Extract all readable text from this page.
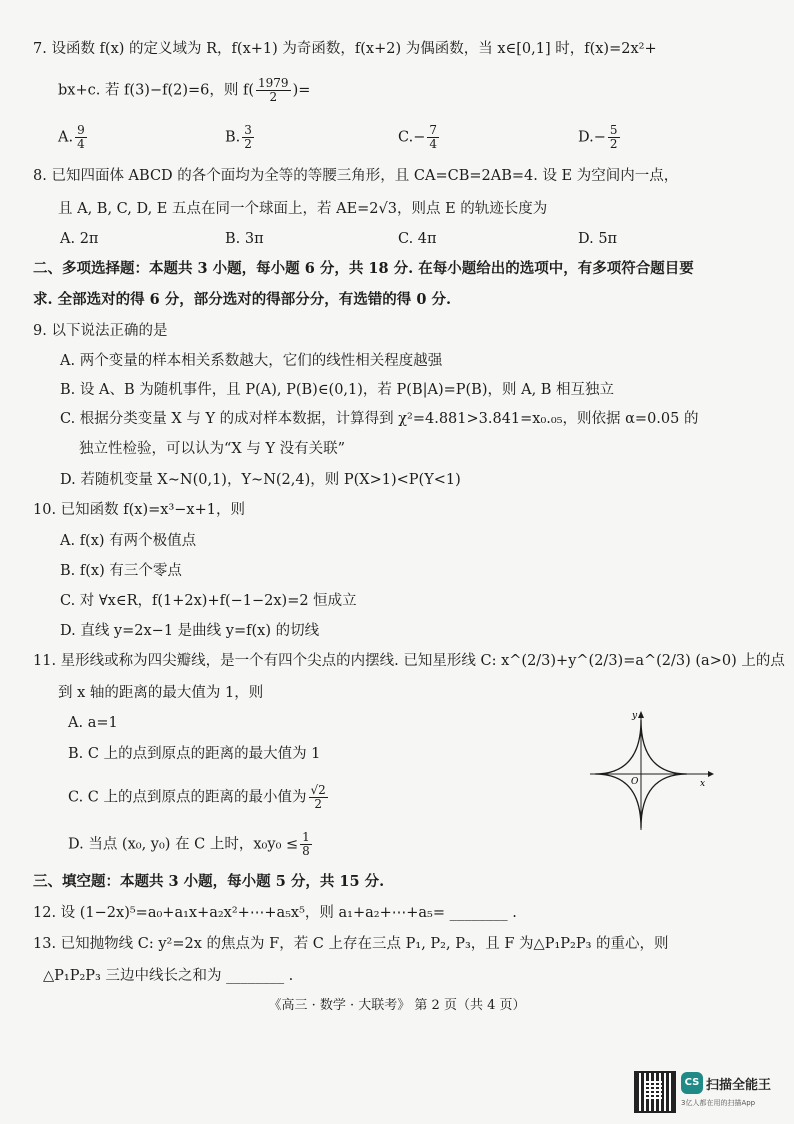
7. 设函数 f(x) 的定义域为 R，f(x+1) 为奇函数，f(x+2) 为偶函数，当 x∈[0,1] 时，f(x)=2x²+
bx+c. 若 f(3)−f(2)=6，则 $f( \frac{1979}{2}$ )=
A. $\frac{9}{4}$	B. $\frac{3}{2}$	$C.- \frac{7}{4}$	$D.- \frac{5}{2}$
8. 已知四面体 ABCD 的各个面均为全等的等腰三角形，且 CA=CB=2AB=4. 设 E 为空间内一点，
且 A, B, C, D, E 五点在同一个球面上，若 AE=2√3，则点 E 的轨迹长度为
A. 2π	B. 3π	C. 4π	D. 5π
二、多项选择题：本题共 3 小题，每小题 6 分，共 18 分. 在每小题给出的选项中，有多项符合题目要
求. 全部选对的得 6 分，部分选对的得部分分，有选错的得 0 分.
9. 以下说法正确的是
A. 两个变量的样本相关系数越大，它们的线性相关程度越强
B. 设 A、B 为随机事件，且 P(A), P(B)∈(0,1)，若 P(B|A)=P(B)，则 A, B 相互独立
C. 根据分类变量 X 与 Y 的成对样本数据，计算得到 χ²=4.881>3.841=x₀.₀₅，则依据 α=0.05 的
独立性检验，可以认为“X 与 Y 没有关联”
D. 若随机变量 X∼N(0,1)，Y∼N(2,4)，则 P(X>1)<P(Y<1)
10. 已知函数 f(x)=x³−x+1，则
A. f(x) 有两个极值点
B. f(x) 有三个零点
C. 对 ∀x∈R，f(1+2x)+f(−1−2x)=2 恒成立
D. 直线 y=2x−1 是曲线 y=f(x) 的切线
11. 星形线或称为四尖瓣线，是一个有四个尖点的内摆线. 已知星形线 C: x^(2/3)+y^(2/3)=a^(2/3) (a>0) 上的点
到 x 轴的距离的最大值为 1，则
A. a=1
B. C 上的点到原点的距离的最大值为 1
C. C 上的点到原点的距离的最小值为 $\frac{√2}{2}$
D. 当点 (x₀, y₀) 在 C 上时，$x_0y_0 \le \frac{1}{8}$
y
x
O
三、填空题：本题共 3 小题，每小题 5 分，共 15 分.
12. 设 (1−2x)⁵=a₀+a₁x+a₂x²+⋯+a₅x⁵，则 a₁+a₂+⋯+a₅= ________ .
13. 已知抛物线 C: y²=2x 的焦点为 F，若 C 上存在三点 P₁, P₂, P₃，且 F 为△P₁P₂P₃ 的重心，则
△P₁P₂P₃ 三边中线长之和为 ________ .
《高三 · 数学 · 大联考》 第 2 页（共 4 页）
CS 扫描全能王
3亿人都在用的扫描App
